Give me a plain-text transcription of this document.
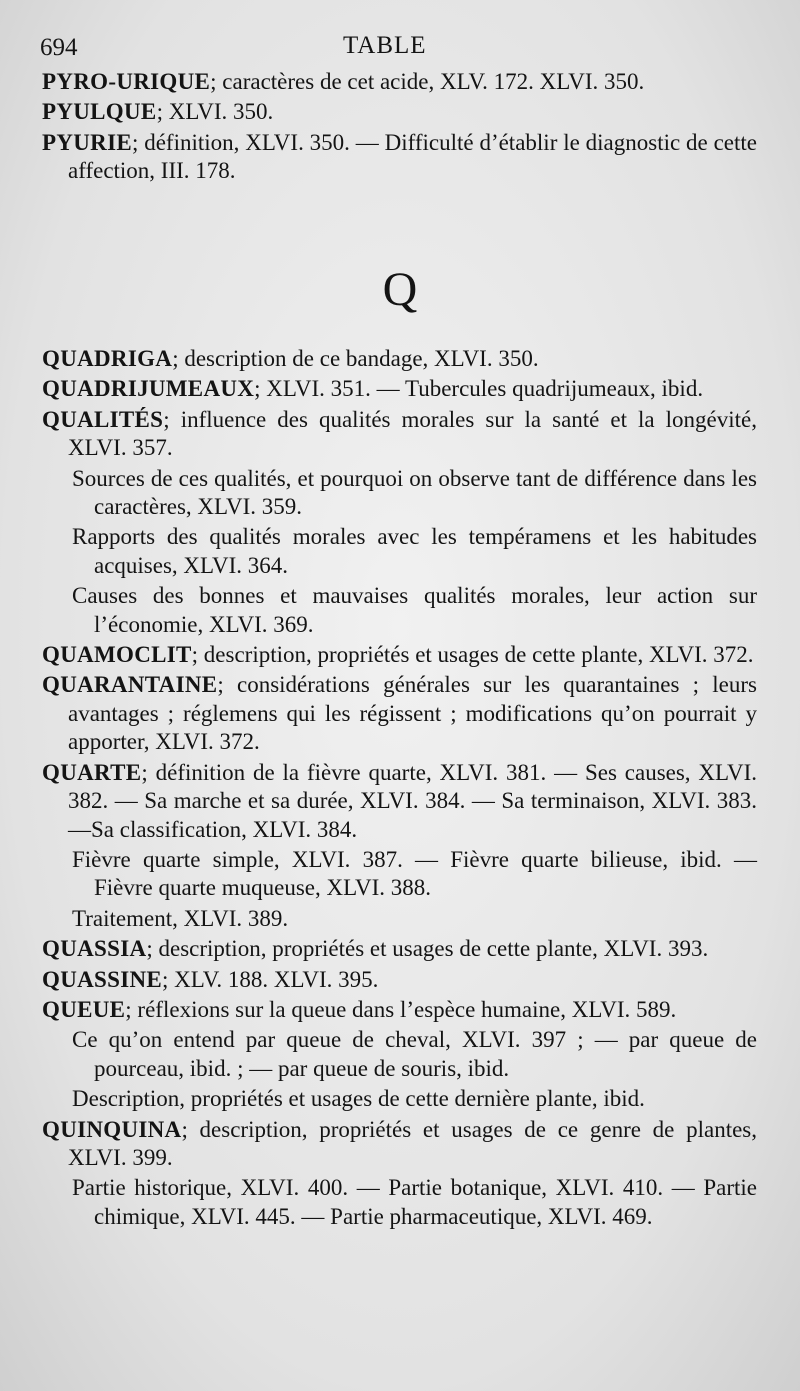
694	TABLE
PYRO-URIQUE; caractères de cet acide, XLV. 172. XLVI. 350.
PYULQUE; XLVI. 350.
PYURIE; définition, XLVI. 350. — Difficulté d’établir le diagnostic de cette affection, III. 178.
Q
QUADRIGA; description de ce bandage, XLVI. 350.
QUADRIJUMEAUX; XLVI. 351. — Tubercules quadrijumeaux, ibid.
QUALITÉS; influence des qualités morales sur la santé et la longévité, XLVI. 357.
Sources de ces qualités, et pourquoi on observe tant de différence dans les caractères, XLVI. 359.
Rapports des qualités morales avec les tempéramens et les habitudes acquises, XLVI. 364.
Causes des bonnes et mauvaises qualités morales, leur action sur l’économie, XLVI. 369.
QUAMOCLIT; description, propriétés et usages de cette plante, XLVI. 372.
QUARANTAINE; considérations générales sur les quarantaines ; leurs avantages ; réglemens qui les régissent ; modifications qu’on pourrait y apporter, XLVI. 372.
QUARTE; définition de la fièvre quarte, XLVI. 381. — Ses causes, XLVI. 382. — Sa marche et sa durée, XLVI. 384. — Sa terminaison, XLVI. 383. —Sa classification, XLVI. 384.
Fièvre quarte simple, XLVI. 387. — Fièvre quarte bilieuse, ibid. — Fièvre quarte muqueuse, XLVI. 388.
Traitement, XLVI. 389.
QUASSIA; description, propriétés et usages de cette plante, XLVI. 393.
QUASSINE; XLV. 188. XLVI. 395.
QUEUE; réflexions sur la queue dans l’espèce humaine, XLVI. 589.
Ce qu’on entend par queue de cheval, XLVI. 397 ; — par queue de pourceau, ibid. ; — par queue de souris, ibid.
Description, propriétés et usages de cette dernière plante, ibid.
QUINQUINA; description, propriétés et usages de ce genre de plantes, XLVI. 399.
Partie historique, XLVI. 400. — Partie botanique, XLVI. 410. — Partie chimique, XLVI. 445. — Partie pharmaceutique, XLVI. 469.
